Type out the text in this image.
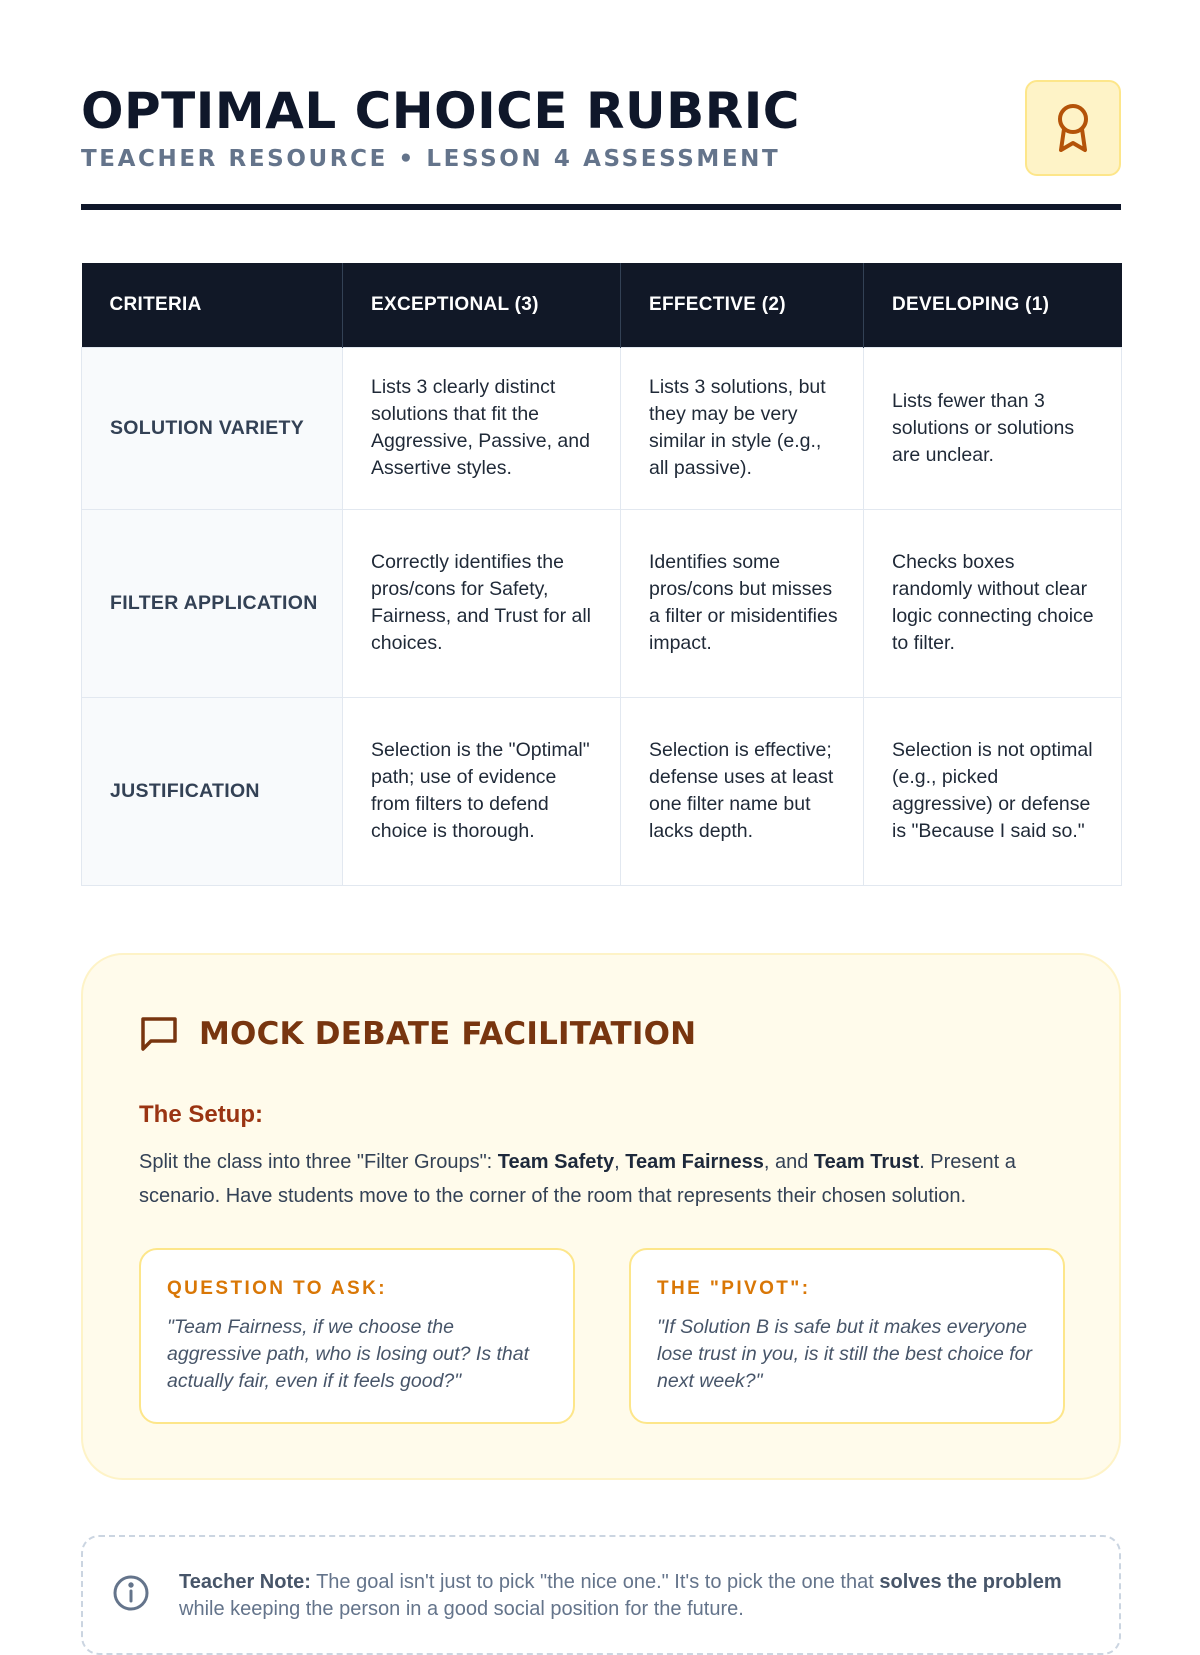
OPTIMAL CHOICE RUBRIC
TEACHER RESOURCE • LESSON 4 ASSESSMENT
CRITERIA	EXCEPTIONAL (3)	EFFECTIVE (2)	DEVELOPING (1)
SOLUTION VARIETY	Lists 3 clearly distinct solutions that fit the Aggressive, Passive, and Assertive styles.	Lists 3 solutions, but they may be very similar in style (e.g., all passive).	Lists fewer than 3 solutions or solutions are unclear.
FILTER APPLICATION	Correctly identifies the pros/cons for Safety, Fairness, and Trust for all choices.	Identifies some pros/cons but misses a filter or misidentifies impact.	Checks boxes randomly without clear logic connecting choice to filter.
JUSTIFICATION	Selection is the "Optimal" path; use of evidence from filters to defend choice is thorough.	Selection is effective; defense uses at least one filter name but lacks depth.	Selection is not optimal (e.g., picked aggressive) or defense is "Because I said so."
MOCK DEBATE FACILITATION
The Setup:

Split the class into three "Filter Groups": Team Safety, Team Fairness, and Team Trust. Present a scenario. Have students move to the corner of the room that represents their chosen solution.

QUESTION TO ASK:
"Team Fairness, if we choose the aggressive path, who is losing out? Is that actually fair, even if it feels good?"
THE "PIVOT":
"If Solution B is safe but it makes everyone lose trust in you, is it still the best choice for next week?"

Teacher Note: The goal isn't just to pick "the nice one." It's to pick the one that solves the problem while keeping the person in a good social position for the future.
